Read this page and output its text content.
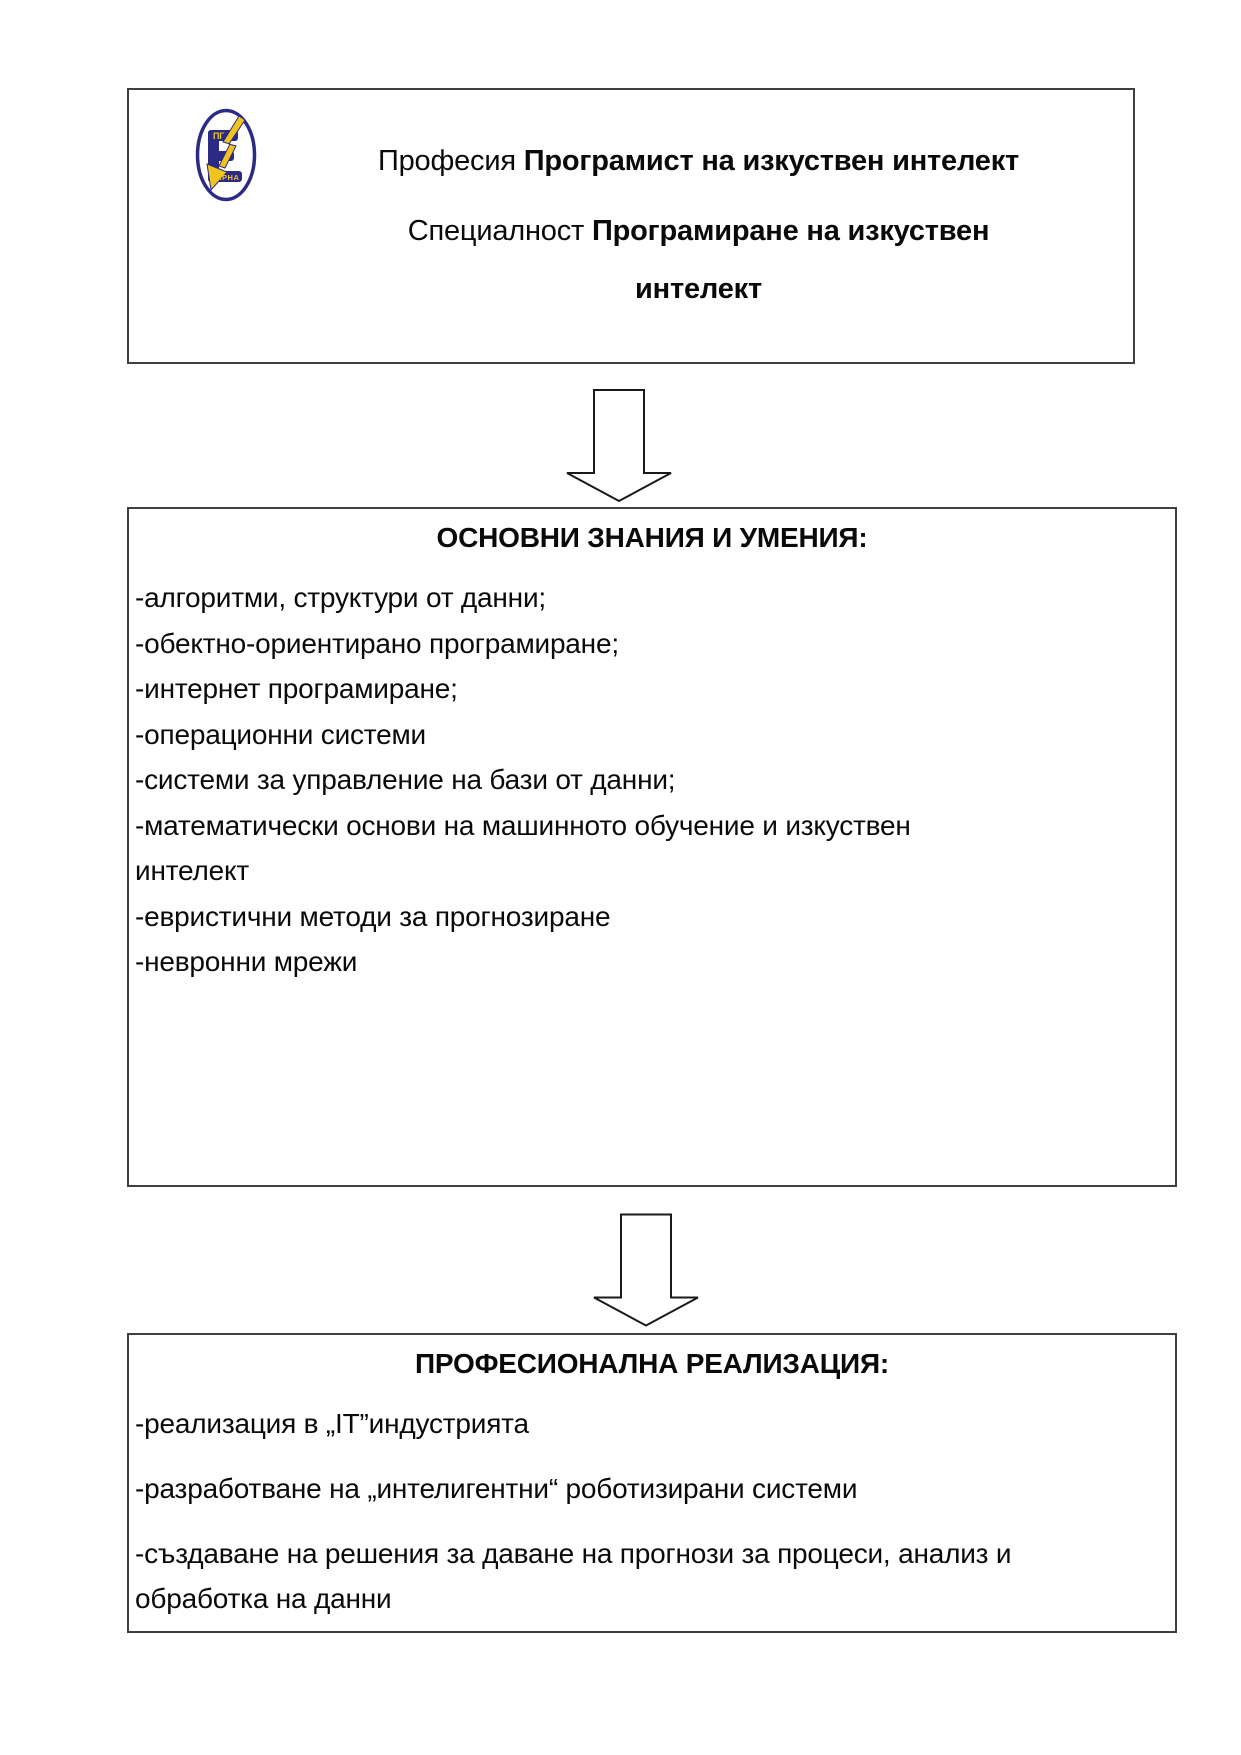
ПГ
ВАРНА

Професия Програмист на изкуствен интелект

Специалност Програмиране на изкуствен
интелект

ОСНОВНИ ЗНАНИЯ И УМЕНИЯ:
-алгоритми, структури от данни;
-обектно-ориентирано програмиране;
-интернет програмиране;
-операционни системи
-системи за управление на бази от данни;
-математически основи на машинното обучение и изкуствен
интелект
-евристични методи за прогнозиране
-невронни мрежи
ПРОФЕСИОНАЛНА РЕАЛИЗАЦИЯ:
-реализация в „IT”индустрията
-разработване на „интелигентни“ роботизирани системи
-създаване на решения за даване на прогнози за процеси, анализ и
обработка на данни
